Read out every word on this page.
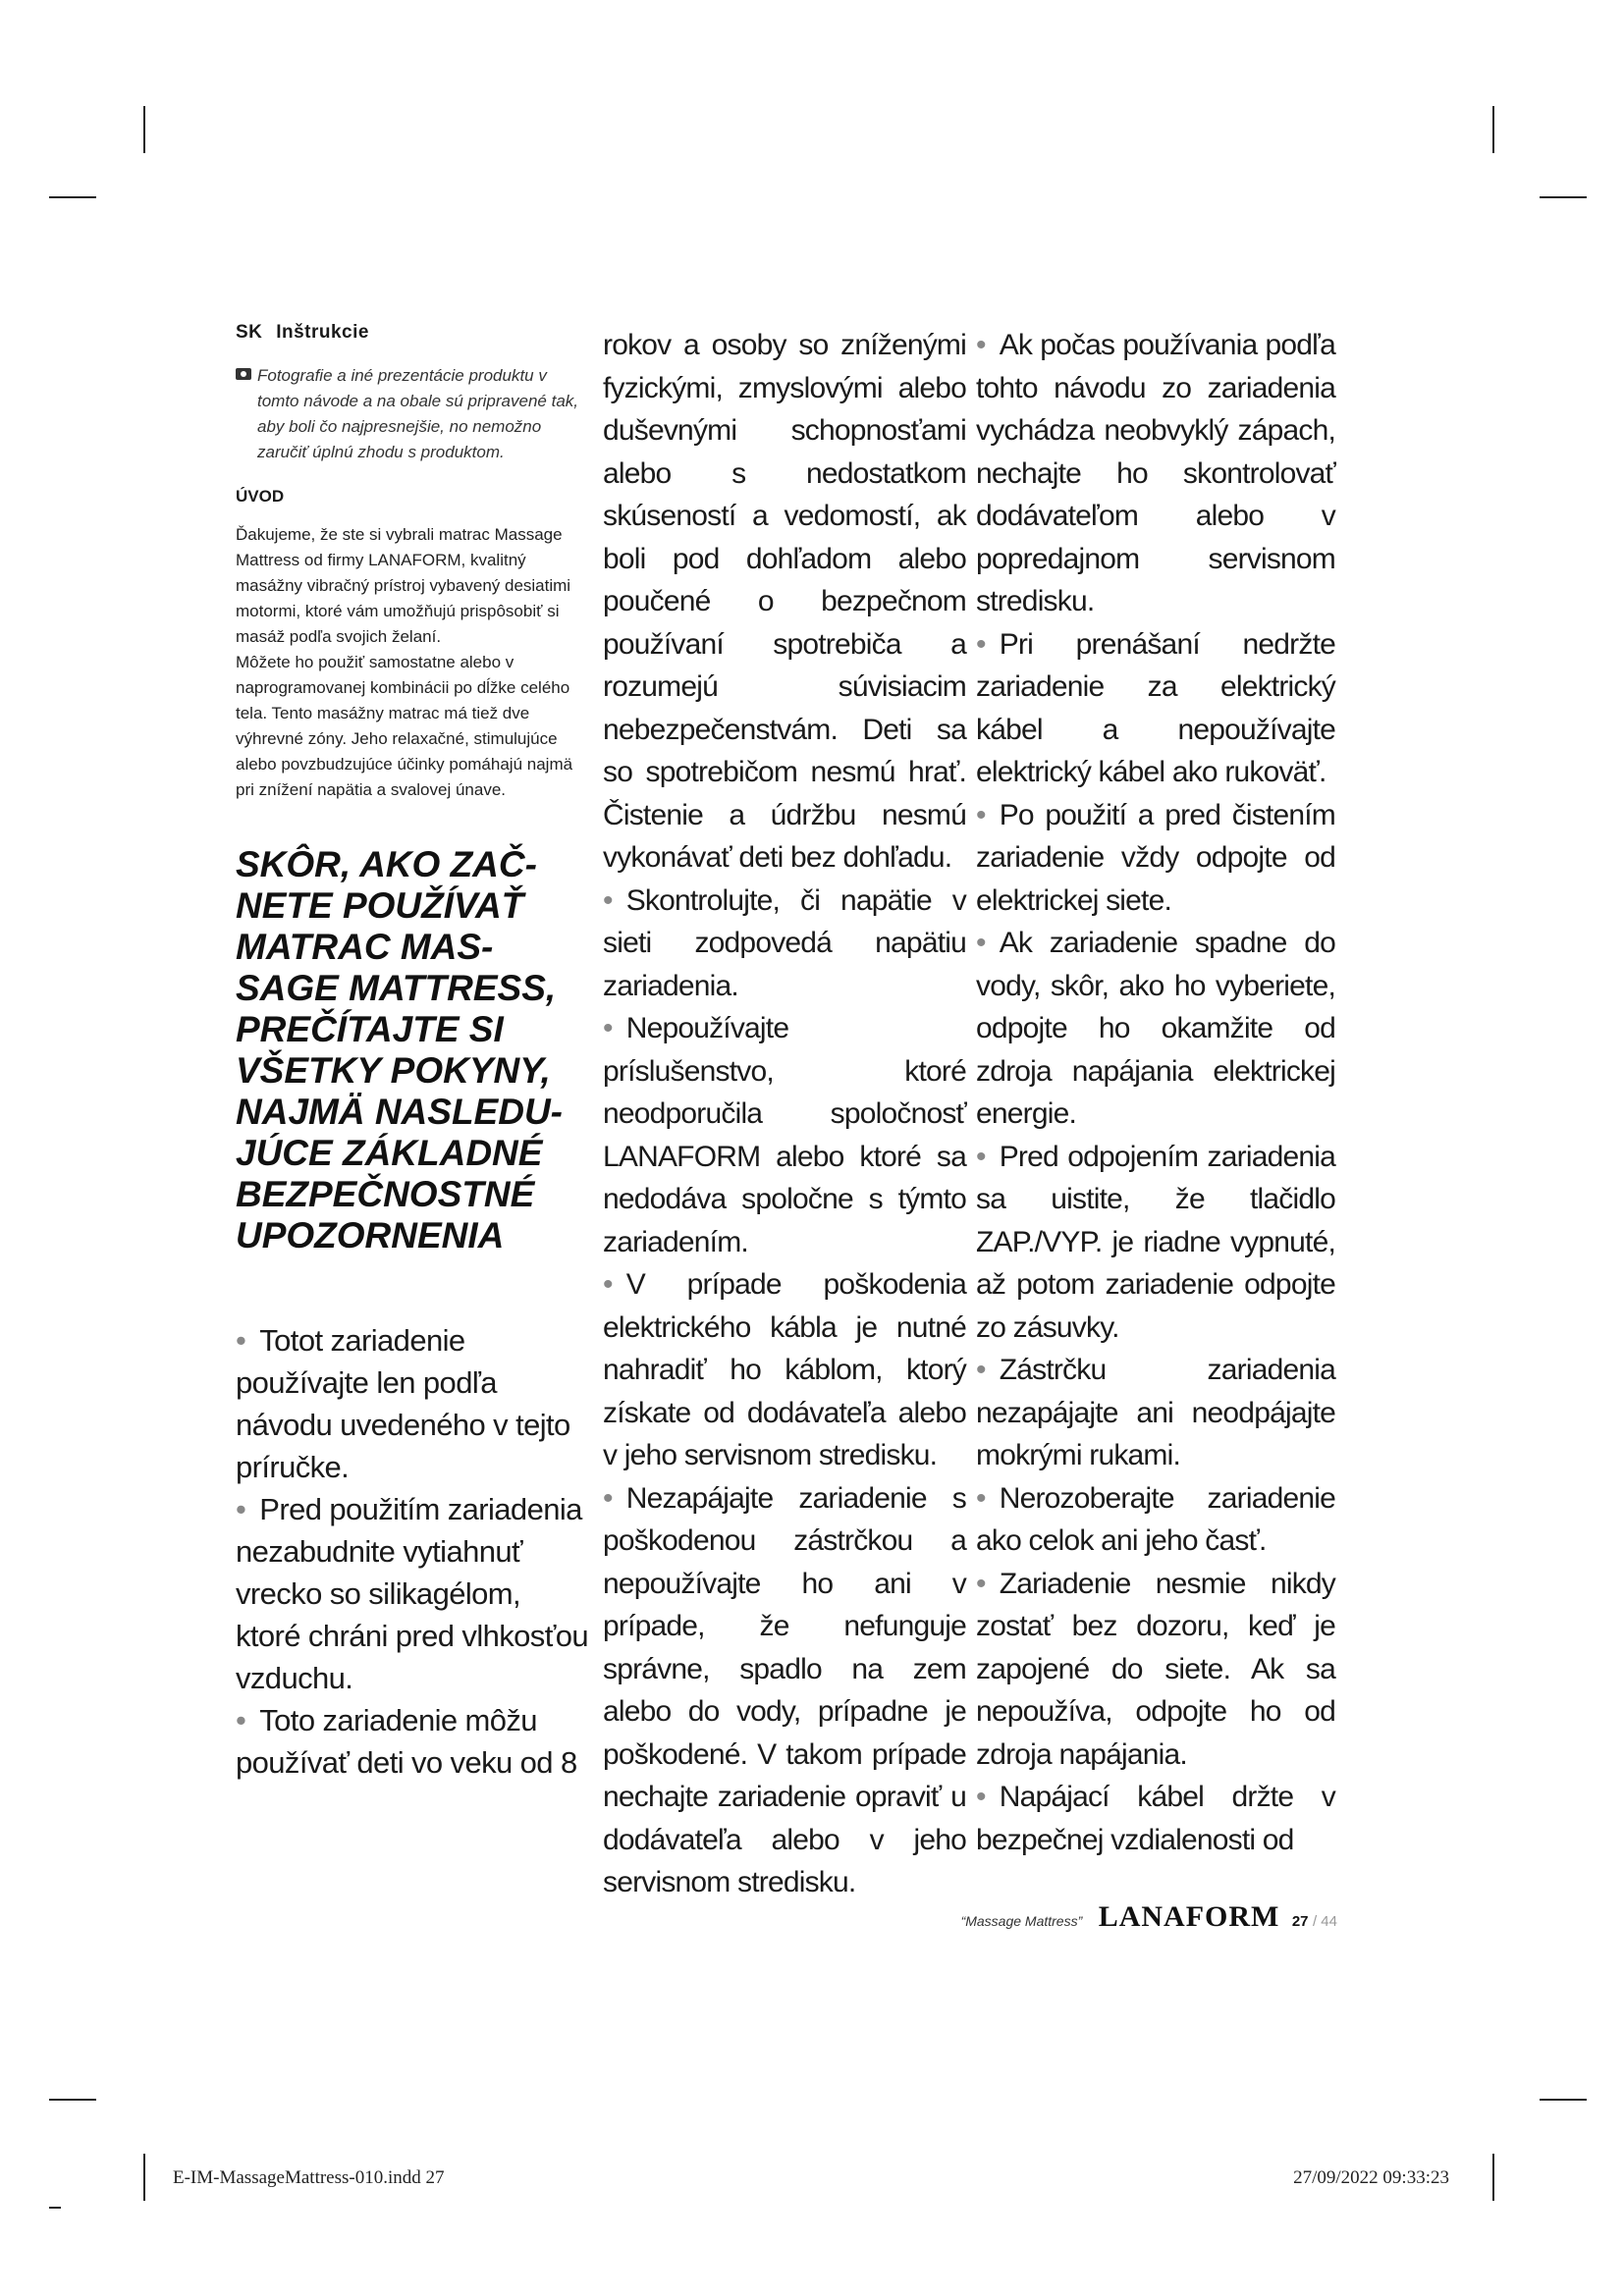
SK Inštrukcie
Fotografie a iné prezentácie produktu v tomto návode a na obale sú pripravené tak, aby boli čo najpresnejšie, no nemožno zaručiť úplnú zhodu s produktom.
ÚVOD

Ďakujeme, že ste si vybrali matrac Massage Mattress od firmy LANAFORM, kvalitný masážny vibračný prístroj vybavený desiatimi motormi, ktoré vám umožňujú prispôsobiť si masáž podľa svojich želaní.

Môžete ho použiť samostatne alebo v naprogramovanej kombinácii po dĺžke celého tela. Tento masážny matrac má tiež dve výhrevné zóny. Jeho relaxačné, stimulujúce alebo povzbudzujúce účinky pomáhajú najmä pri znížení napätia a svalovej únave.

SKÔR, AKO ZAČ-
NETE POUŽÍVAŤ
MATRAC MAS-
SAGE MATTRESS,
PREČÍTAJTE SI
VŠETKY POKYNY,
NAJMÄ NASLEDU-
JÚCE ZÁKLADNÉ
BEZPEČNOSTNÉ
UPOZORNENIA

• Totot zariadenie používajte len podľa návodu uvedeného v tejto príručke.

• Pred použitím zariadenia nezabudnite vytiahnuť vrecko so silikagélom, ktoré chráni pred vlhkosťou vzduchu.

• Toto zariadenie môžu používať deti vo veku od 8

rokov a osoby so zníženými fyzickými, zmyslovými alebo duševnými schopnosťami alebo s nedostatkom skúseností a vedomostí, ak boli pod dohľadom alebo poučené o bezpečnom používaní spotrebiča a rozumejú súvisiacim nebezpečenstvám. Deti sa so spotrebičom nesmú hrať. Čistenie a údržbu nesmú vykonávať deti bez dohľadu.

• Skontrolujte, či napätie v sieti zodpovedá napätiu zariadenia.

• Nepoužívajte príslušenstvo, ktoré neodporučila spoločnosť LANAFORM alebo ktoré sa nedodáva spoločne s týmto zariadením.

• V prípade poškodenia elektrického kábla je nutné nahradiť ho káblom, ktorý získate od dodávateľa alebo v jeho servisnom stredisku.

• Nezapájajte zariadenie s poškodenou zástrčkou a nepoužívajte ho ani v prípade, že nefunguje správne, spadlo na zem alebo do vody, prípadne je poškodené. V takom prípade nechajte zariadenie opraviť u dodávateľa alebo v jeho servisnom stredisku.

• Ak počas používania podľa tohto návodu zo zariadenia vychádza neobvyklý zápach, nechajte ho skontrolovať dodávateľom alebo v popredajnom servisnom stredisku.

• Pri prenášaní nedržte zariadenie za elektrický kábel a nepoužívajte elektrický kábel ako rukoväť.

• Po použití a pred čistením zariadenie vždy odpojte od elektrickej siete.

• Ak zariadenie spadne do vody, skôr, ako ho vyberiete, odpojte ho okamžite od zdroja napájania elektrickej energie.

• Pred odpojením zariadenia sa uistite, že tlačidlo ZAP./VYP. je riadne vypnuté, až potom zariadenie odpojte zo zásuvky.

• Zástrčku zariadenia nezapájajte ani neodpájajte mokrými rukami.

• Nerozoberajte zariadenie ako celok ani jeho časť.

• Zariadenie nesmie nikdy zostať bez dozoru, keď je zapojené do siete. Ak sa nepoužíva, odpojte ho od zdroja napájania.

• Napájací kábel držte v bezpečnej vzdialenosti od

“Massage Mattress” LANAFORM 27 / 44
E-IM-MassageMattress-010.indd 27	27/09/2022 09:33:23
